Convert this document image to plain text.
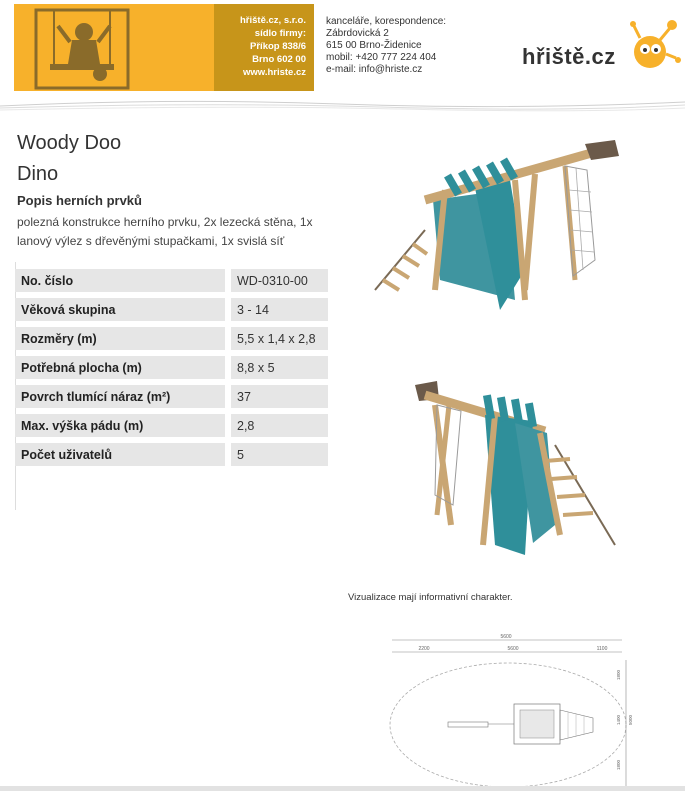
hřiště.cz, s.r.o.
sídlo firmy:
Příkop 838/6
Brno 602 00
www.hriste.cz
kanceláře, korespondence:
Zábrdovická 2
615 00 Brno-Židenice
mobil: +420 777 224 404
e-mail: info@hriste.cz
hřiště.cz
Woody Doo
Dino
Popis herních prvků
polezná konstrukce herního prvku, 2x lezecká stěna, 1x lanový výlez s dřevěnými stupačkami, 1x svislá síť
No. číslo	WD-0310-00
Věková skupina	3 - 14
Rozměry (m)	5,5 x 1,4 x 2,8
Potřebná plocha (m)	8,8 x 5
Povrch tlumící náraz (m²)	37
Max. výška pádu (m)	2,8
Počet uživatelů	5
Vizualizace mají informativní charakter.
5600
2200	5600	1100
1800
1400 5000
1800
